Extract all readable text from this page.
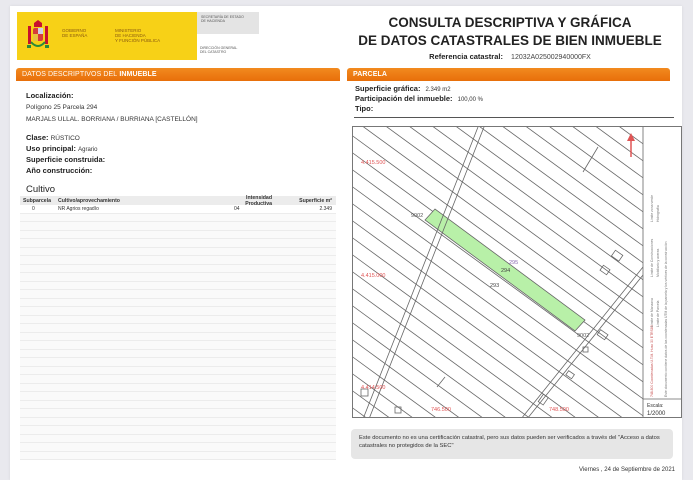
GOBIERNO
DE ESPAÑA
MINISTERIO
DE HACIENDA
Y FUNCIÓN PÚBLICA
SECRETARÍA DE ESTADO
DE HACIENDA
DIRECCIÓN GENERAL
DEL CATASTRO
CONSULTA DESCRIPTIVA Y GRÁFICA
DE DATOS CATASTRALES DE BIEN INMUEBLE
Referencia catastral: 12032A025002940000FX
DATOS DESCRIPTIVOS DEL INMUEBLE	PARCELA
Localización:
Polígono 25 Parcela 294
MARJALS ULLAL. BORRIANA / BURRIANA [CASTELLÓN]
Clase: RÚSTICO
Uso principal: Agrario
Superficie construida:
Año construcción:
Cultivo
Subparcela	Cultivo/aprovechamiento	Intensidad Productiva	Superficie m²
0	NR Agrios regadío	04	2.349
Superficie gráfica: 2.349 m2
Participación del inmueble: 100,00 %
Tipo:
9002
9002
294
295
293
4.415.500
4.415.000
4.414.500
746.500	748.500
748.800 Coordenadas U.T.M. Huso 30 ETRS89
Límite de Manzana
Límite de Construcciones
Límite zona verde
Límite de Parcela
Mobiliario y aceras
Hidrografía
Este documento contiene datos de las coordenadas UTM de la parcela y los vértices de la construcción
Escala:
1/2000
Este documento no es una certificación catastral, pero sus datos pueden ser verificados a través del "Acceso a datos catastrales no protegidos de la SEC"
Viernes , 24 de Septiembre de 2021
